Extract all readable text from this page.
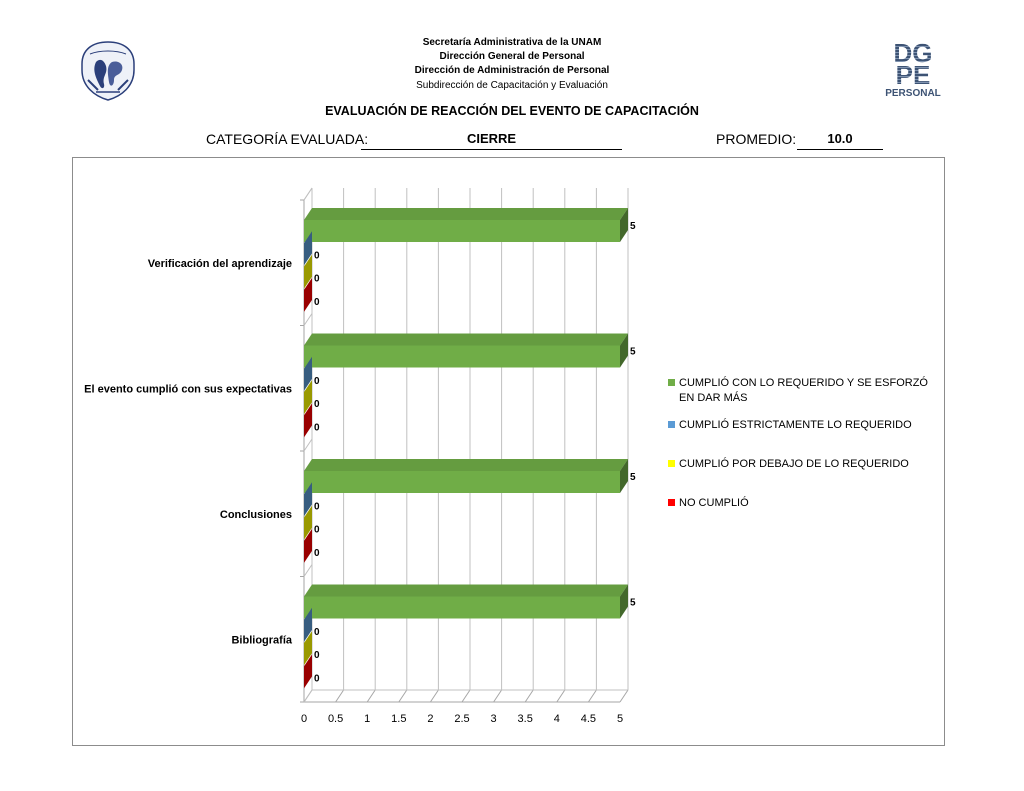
DG
PE
PERSONAL
Secretaría Administrativa de la UNAM
Dirección General de Personal
Dirección de Administración de Personal
Subdirección de Capacitación y Evaluación
EVALUACIÓN DE REACCIÓN DEL EVENTO DE CAPACITACIÓN
CATEGORÍA EVALUADA:	CIERRE	PROMEDIO:	10.0
0 0.5 1 1.5 2 2.5 3 3.5 4 4.5 5
Verificación del aprendizaje
5
0
0
0
El evento cumplió con sus expectativas
5
0
0
0
Conclusiones
5
0
0
0
Bibliografía
5
0
0
0
CUMPLIÓ CON LO REQUERIDO Y SE ESFORZÓ EN DAR MÁS
CUMPLIÓ ESTRICTAMENTE LO REQUERIDO
CUMPLIÓ POR DEBAJO DE LO REQUERIDO
NO CUMPLIÓ
